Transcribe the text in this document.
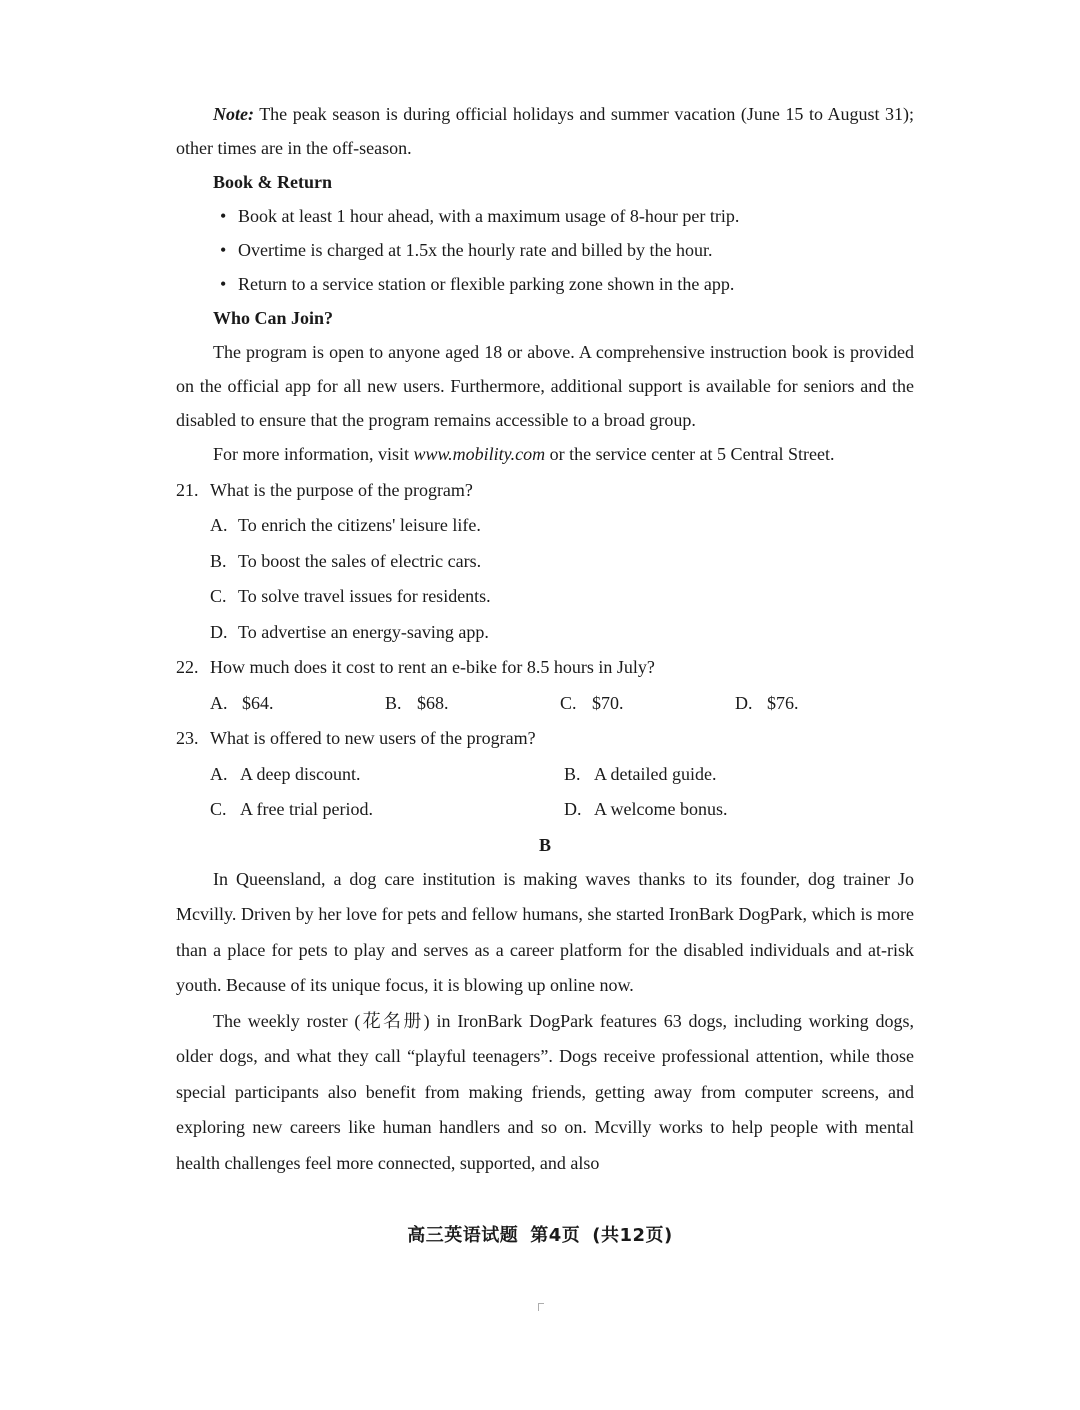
Note: The peak season is during official holidays and summer vacation (June 15 to August 31); other times are in the off-season.

Book & Return

• Book at least 1 hour ahead, with a maximum usage of 8-hour per trip.
• Overtime is charged at 1.5x the hourly rate and billed by the hour.
• Return to a service station or flexible parking zone shown in the app.

Who Can Join?

The program is open to anyone aged 18 or above. A comprehensive instruction book is provided on the official app for all new users. Furthermore, additional support is available for seniors and the disabled to ensure that the program remains accessible to a broad group.

For more information, visit www.mobility.com or the service center at 5 Central Street.

21. What is the purpose of the program?

A. To enrich the citizens' leisure life.
B. To boost the sales of electric cars.
C. To solve travel issues for residents.
D. To advertise an energy-saving app.

22. How much does it cost to rent an e-bike for 8.5 hours in July?

A. $64.	B. $68.	C. $70.	D. $76.

23. What is offered to new users of the program?

A. A deep discount.	B. A detailed guide.
C. A free trial period.	D. A welcome bonus.

B

In Queensland, a dog care institution is making waves thanks to its founder, dog trainer Jo Mcvilly. Driven by her love for pets and fellow humans, she started IronBark DogPark, which is more than a place for pets to play and serves as a career platform for the disabled individuals and at-risk youth. Because of its unique focus, it is blowing up online now.

The weekly roster (花名册) in IronBark DogPark features 63 dogs, including working dogs, older dogs, and what they call “playful teenagers”. Dogs receive professional attention, while those special participants also benefit from making friends, getting away from computer screens, and exploring new careers like human handlers and so on. Mcvilly works to help people with mental health challenges feel more connected, supported, and also

高三英语试题 第4页 (共12页)
